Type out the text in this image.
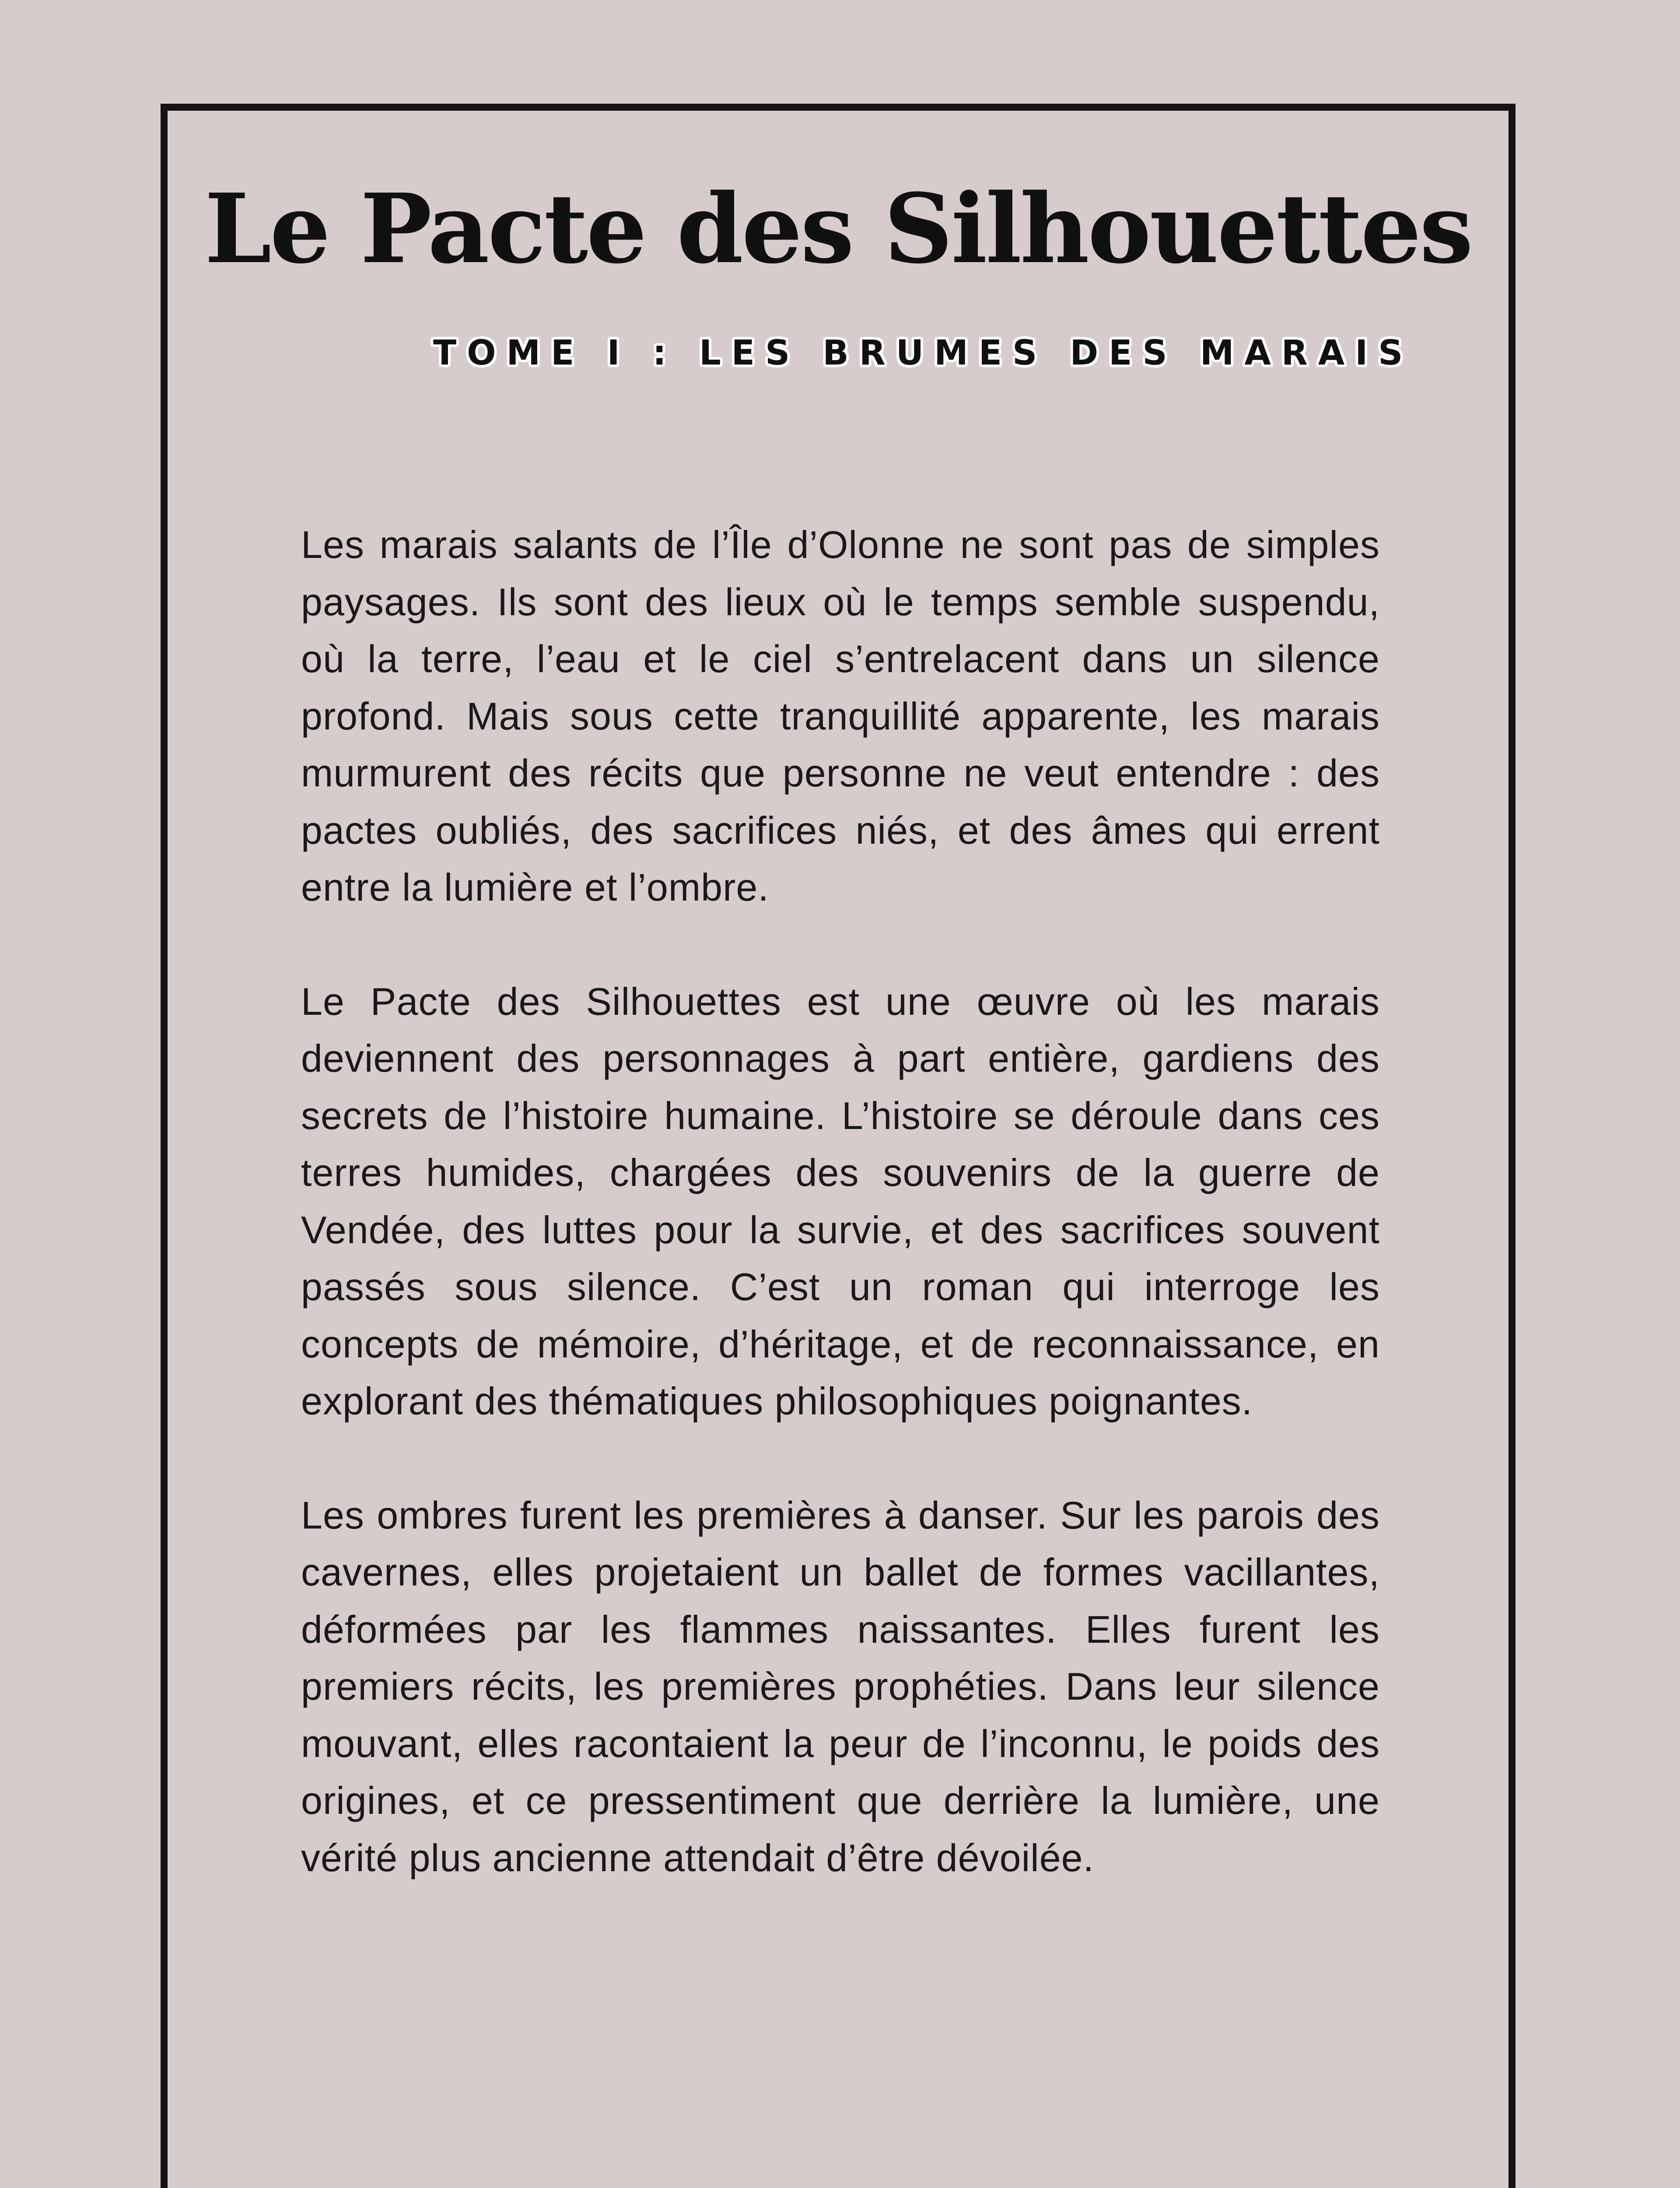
Le Pacte des Silhouettes
TOME I : LES BRUMES DES MARAIS

Les marais salants de l’Île d’Olonne ne sont pas de simples paysages. Ils sont des lieux où le temps semble suspendu, où la terre, l’eau et le ciel s’entrelacent dans un silence profond. Mais sous cette tranquillité apparente, les marais murmurent des récits que personne ne veut entendre : des pactes oubliés, des sacrifices niés, et des âmes qui errent entre la lumière et l’ombre.

Le Pacte des Silhouettes est une œuvre où les marais deviennent des personnages à part entière, gardiens des secrets de l’histoire humaine. L’histoire se déroule dans ces terres humides, chargées des souvenirs de la guerre de Vendée, des luttes pour la survie, et des sacrifices souvent passés sous silence. C’est un roman qui interroge les concepts de mémoire, d’héritage, et de reconnaissance, en explorant des thématiques philosophiques poignantes.

Les ombres furent les premières à danser. Sur les parois des cavernes, elles projetaient un ballet de formes vacillantes, déformées par les flammes naissantes. Elles furent les premiers récits, les premières prophéties. Dans leur silence mouvant, elles racontaient la peur de l’inconnu, le poids des origines, et ce pressentiment que derrière la lumière, une vérité plus ancienne attendait d’être dévoilée.
